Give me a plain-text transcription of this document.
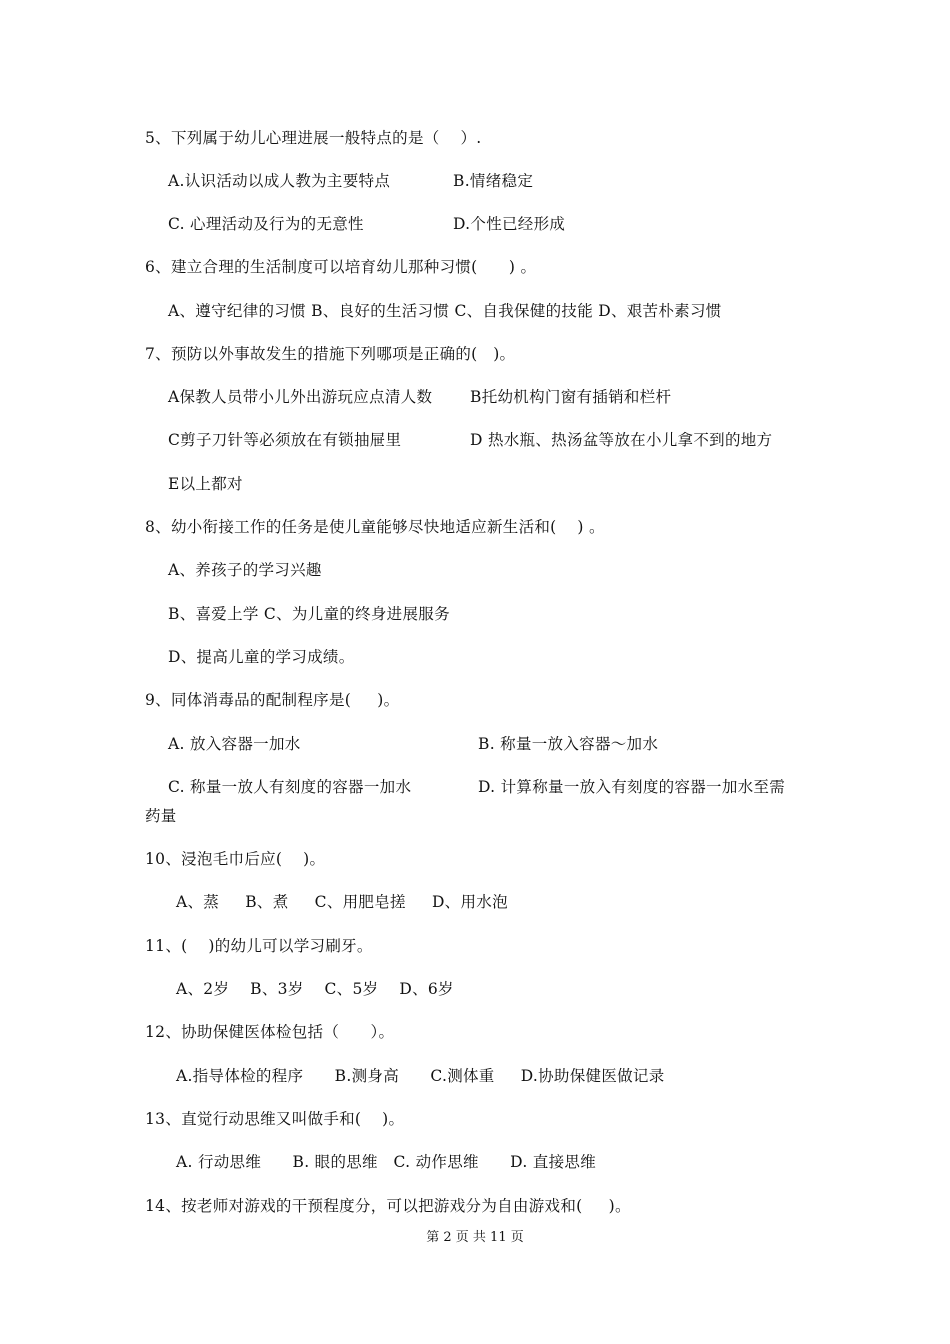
5、下列属于幼儿心理进展一般特点的是（    ）.
A.认识活动以成人教为主要特点	B.情绪稳定
C. 心理活动及行为的无意性	D.个性已经形成
6、建立合理的生活制度可以培育幼儿那种习惯(      ) 。
A、遵守纪律的习惯 B、良好的生活习惯 C、自我保健的技能 D、艰苦朴素习惯
7、预防以外事故发生的措施下列哪项是正确的(   )。
A保教人员带小儿外出游玩应点清人数 B托幼机构门窗有插销和栏杆
C剪子刀针等必须放在有锁抽屉里	D 热水瓶、热汤盆等放在小儿拿不到的地方
E以上都对
8、幼小衔接工作的任务是使儿童能够尽快地适应新生活和(    ) 。
A、养孩子的学习兴趣
B、喜爱上学 C、为儿童的终身进展服务
D、提高儿童的学习成绩。
9、同体消毒品的配制程序是(     )。
A. 放入容器一加水	B. 称量一放入容器～加水
C. 称量一放人有刻度的容器一加水	D. 计算称量一放入有刻度的容器一加水至需
药量
10、浸泡毛巾后应(    )。
A、蒸     B、煮     C、用肥皂搓     D、用水泡
11、(    )的幼儿可以学习刷牙。
A、2岁    B、3岁    C、5岁    D、6岁
12、协助保健医体检包括（      ）。
A.指导体检的程序      B.测身高      C.测体重     D.协助保健医做记录
13、直觉行动思维又叫做手和(    )。
A. 行动思维      B. 眼的思维   C. 动作思维      D. 直接思维
14、按老师对游戏的干预程度分，可以把游戏分为自由游戏和(     )。
第 2 页 共 11 页
